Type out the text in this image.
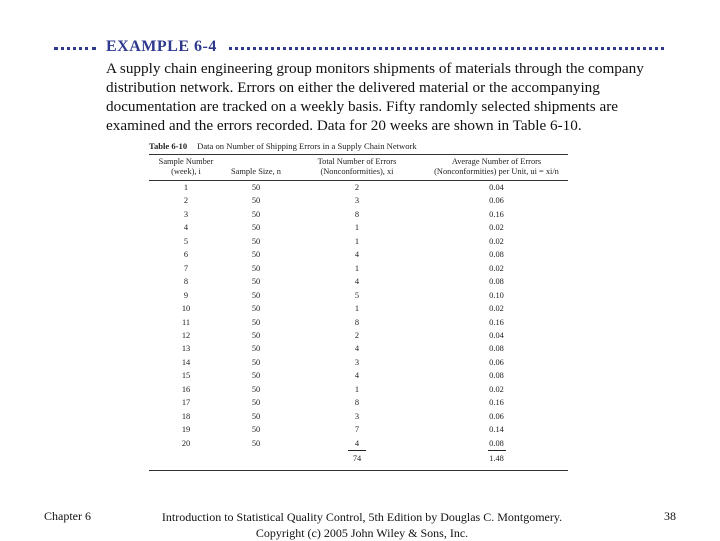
EXAMPLE 6-4
A supply chain engineering group monitors shipments of materials through the company distribution network. Errors on either the delivered material or the accompanying documentation are tracked on a weekly basis. Fifty randomly selected shipments are examined and the errors recorded. Data for 20 weeks are shown in Table 6-10.
Table 6-10 Data on Number of Shipping Errors in a Supply Chain Network
Sample Number (week), i	Sample Size, n	Total Number of Errors (Nonconformities), xi	Average Number of Errors (Nonconformities) per Unit, ui = xi/n
1	50	2	0.04
2	50	3	0.06
3	50	8	0.16
4	50	1	0.02
5	50	1	0.02
6	50	4	0.08
7	50	1	0.02
8	50	4	0.08
9	50	5	0.10
10	50	1	0.02
11	50	8	0.16
12	50	2	0.04
13	50	4	0.08
14	50	3	0.06
15	50	4	0.08
16	50	1	0.02
17	50	8	0.16
18	50	3	0.06
19	50	7	0.14
20	50	4	0.08
		74	1.48
Chapter 6	Introduction to Statistical Quality Control, 5th Edition by Douglas C. Montgomery.
Copyright (c) 2005 John Wiley & Sons, Inc.
38
